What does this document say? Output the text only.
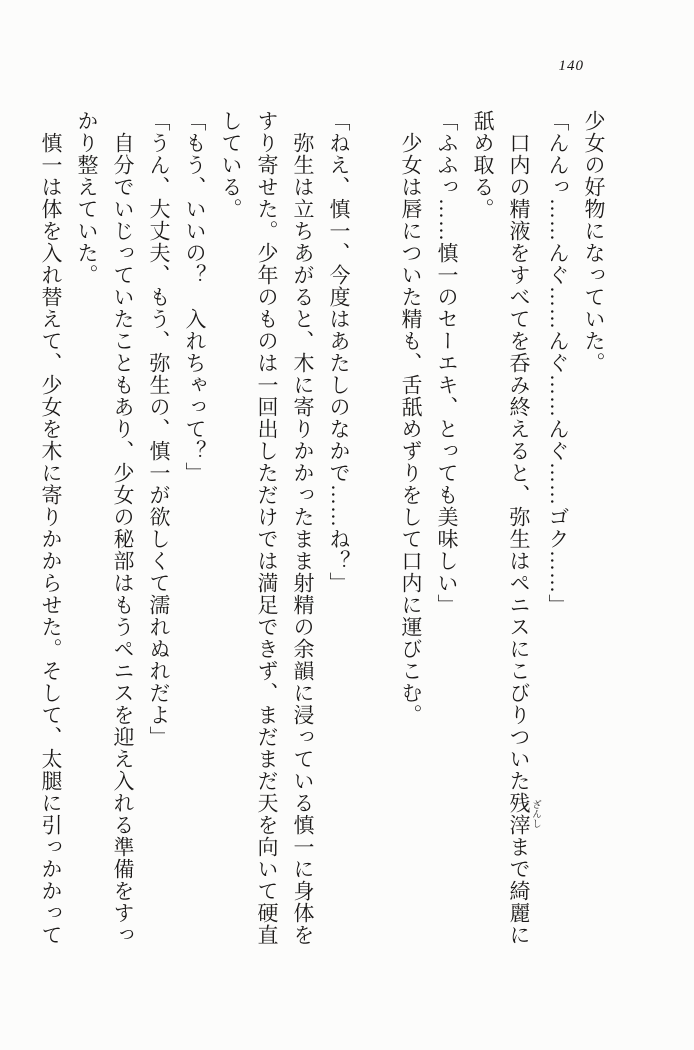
140

少女の好物になっていた。

「んんっ……んぐ……んぐ……んぐ……ゴク……」

口内の精液をすべてを呑み終えると、弥生はペニスにこびりついた残滓 ざんしまで綺麗に

舐め取る。

「ふふっ……慎一のセーエキ、とっても美味しい」

少女は唇についた精も、舌舐めずりをして口内に運びこむ。

「ねえ、慎一、今度はあたしのなかで……ね？」

弥生は立ちあがると、木に寄りかかったまま射精の余韻に浸っている慎一に身体を

すり寄せた。少年のものは一回出しただけでは満足できず、まだまだ天を向いて硬直

している。

「もう、いいの？　入れちゃって？」

「うん、大丈夫、もう、弥生の、慎一が欲しくて濡れぬれだよ」

自分でいじっていたこともあり、少女の秘部はもうペニスを迎え入れる準備をすっ

かり整えていた。

慎一は体を入れ替えて、少女を木に寄りかからせた。そして、太腿に引っかかって
